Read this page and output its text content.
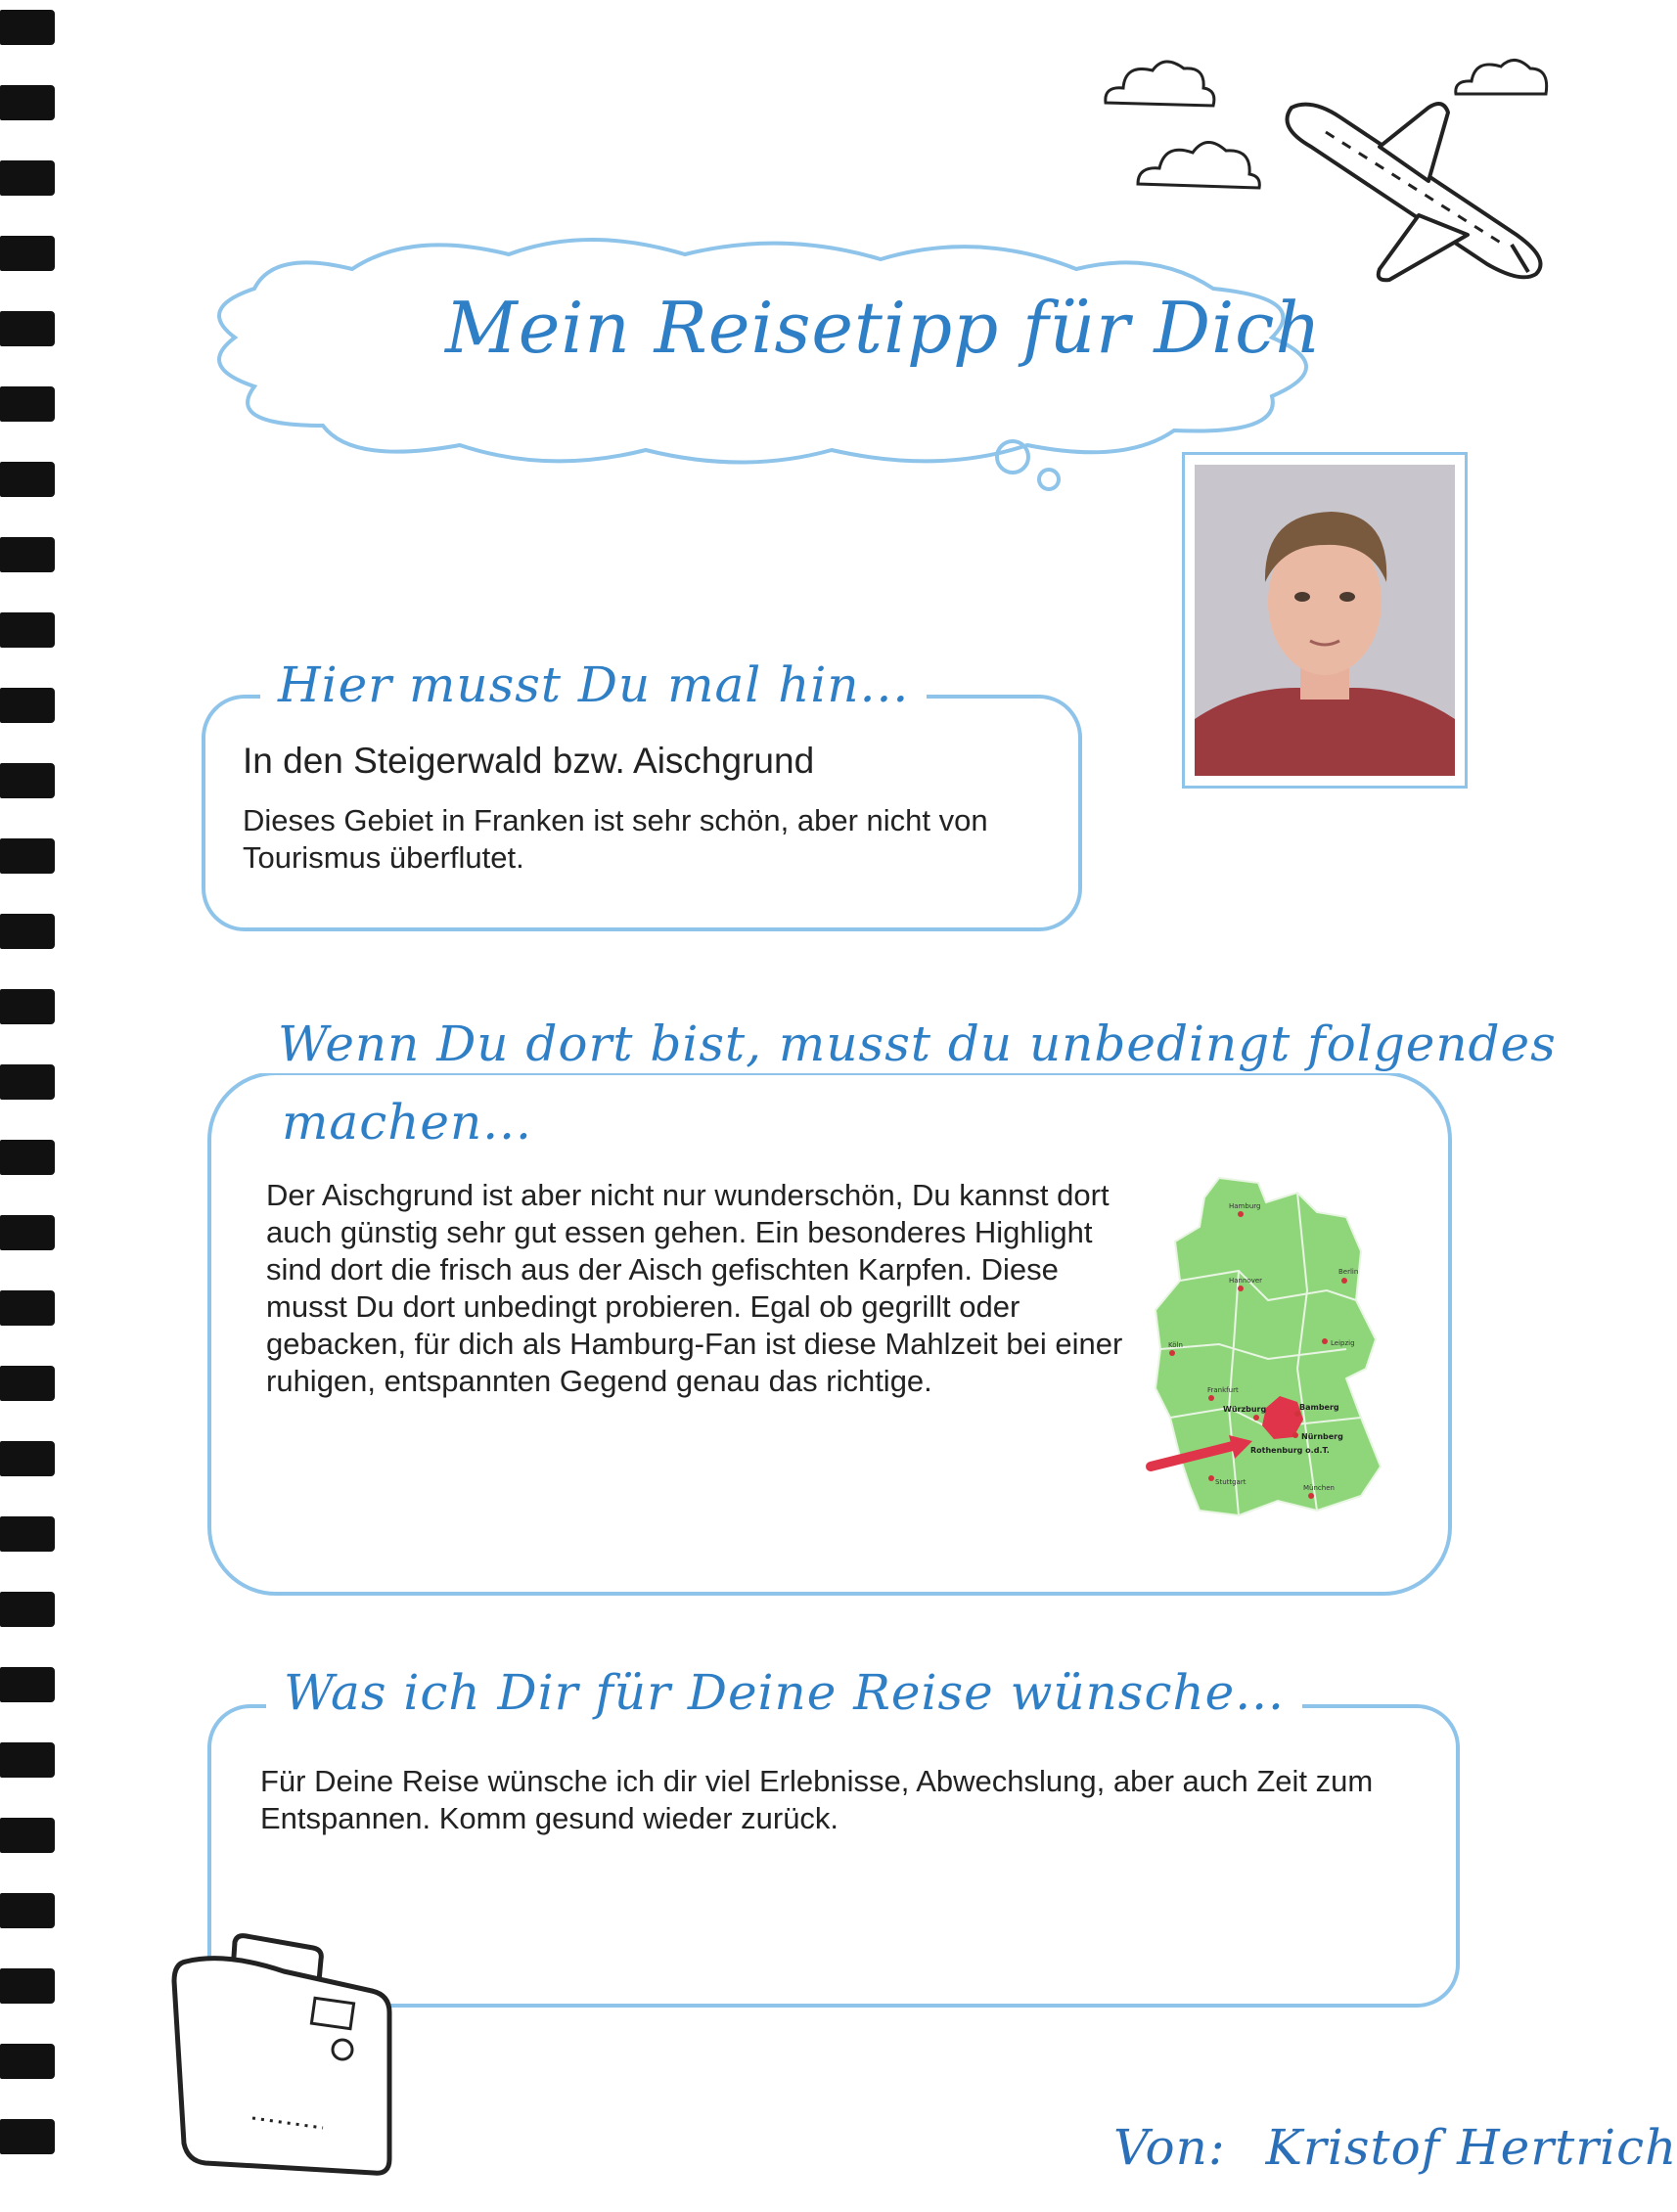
Mein Reisetipp für Dich
Hier musst Du mal hin...
In den Steigerwald bzw. Aischgrund
Dieses Gebiet in Franken ist sehr schön, aber nicht von Tourismus überflutet.
Wenn Du dort bist, musst du unbedingt folgendes
machen...
Der Aischgrund ist aber nicht nur wunderschön, Du kannst dort auch günstig sehr gut essen gehen. Ein besonderes Highlight sind dort die frisch aus der Aisch gefischten Karpfen. Diese musst Du dort unbedingt probieren. Egal ob gegrillt oder gebacken, für dich als Hamburg-Fan ist diese Mahlzeit bei einer ruhigen, entspannten Gegend genau das richtige.
Hamburg
Berlin
Hannover
Leipzig
Köln
Frankfurt
Würzburg	Bamberg
Nürnberg
Rothenburg o.d.T.
Stuttgart
München
Was ich Dir für Deine Reise wünsche...
Für Deine Reise wünsche ich dir viel Erlebnisse, Abwechslung, aber auch Zeit zum Entspannen. Komm gesund wieder zurück.
Von: Kristof Hertrich
